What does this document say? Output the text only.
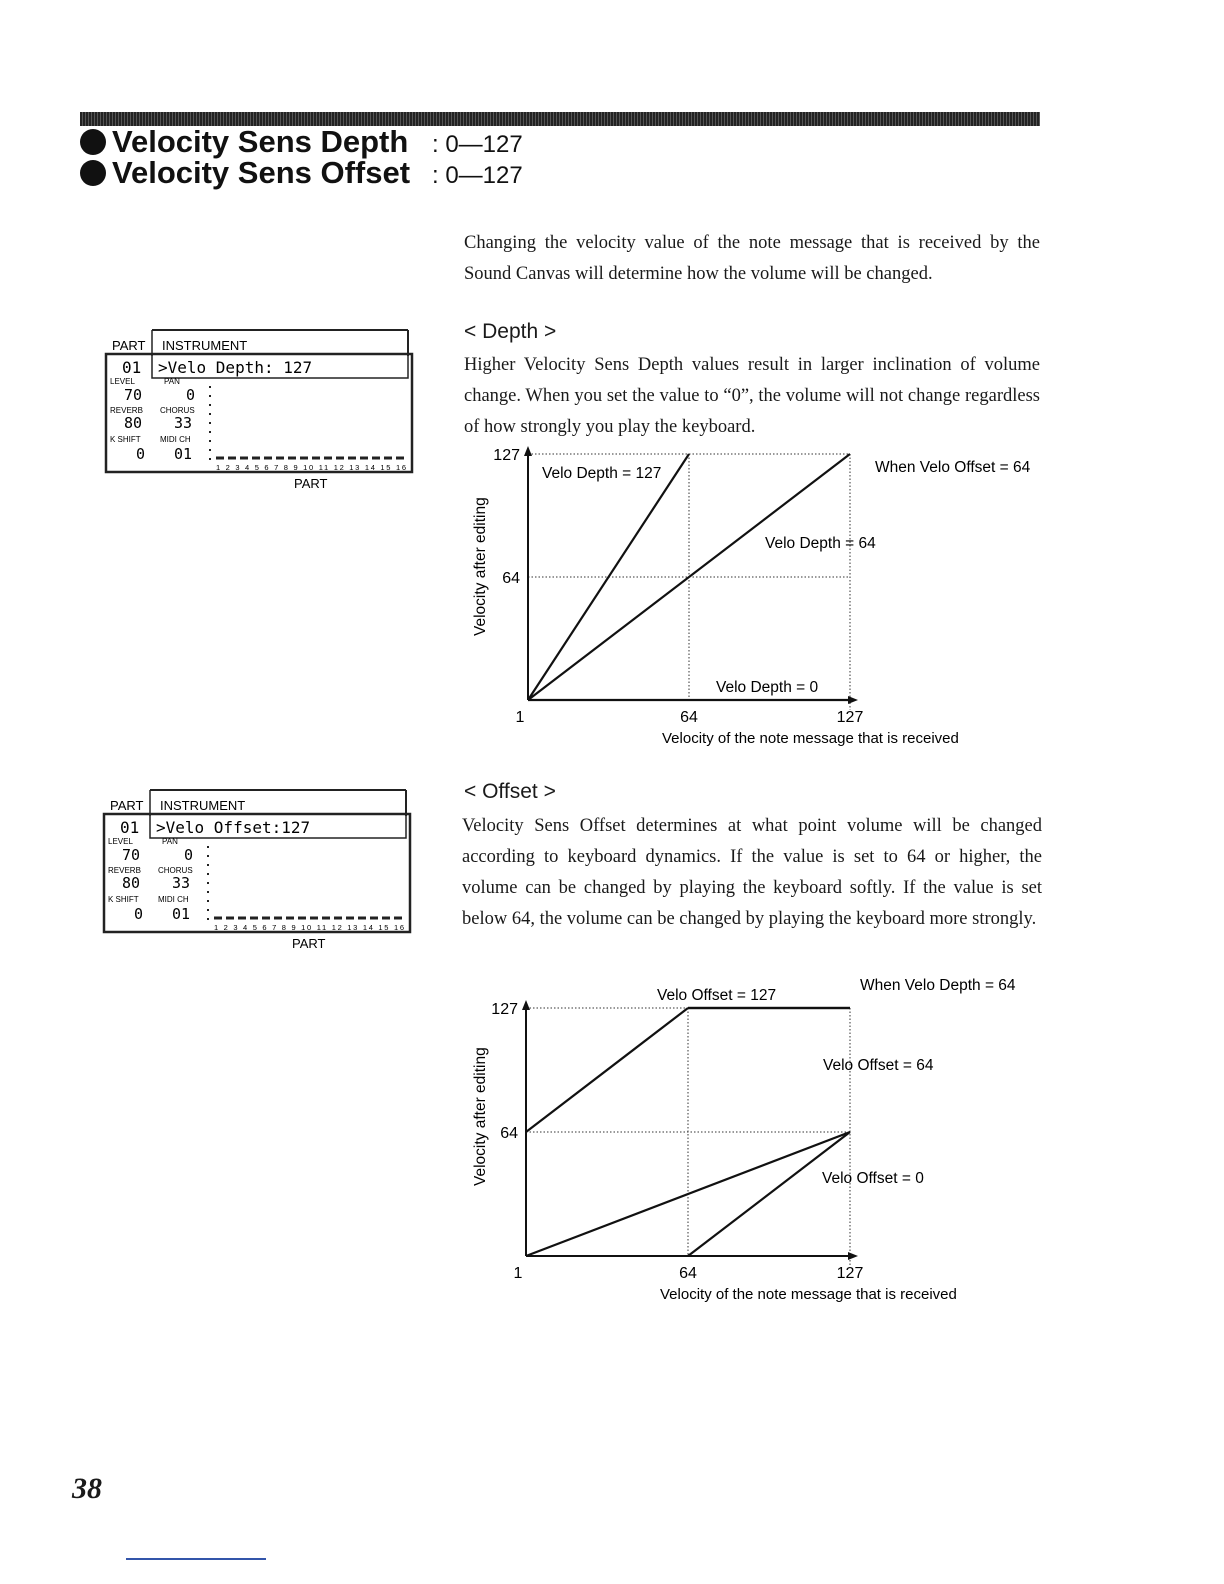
Velocity Sens Depth : 0—127
Velocity Sens Offset : 0—127
Changing the velocity value of the note message that is received by the Sound Canvas will determine how the volume will be changed.
< Depth >
Higher Velocity Sens Depth values result in larger inclination of volume change. When you set the value to “0”, the volume will not change regardless of how strongly you play the keyboard.
< Offset >
Velocity Sens Offset determines at what point volume will be changed according to keyboard dynamics. If the value is set to 64 or higher, the volume can be changed by playing the keyboard softly. If the value is set below 64, the volume can be changed by playing the keyboard more strongly.
PART INSTRUMENT
01 >Velo Depth: 127
LEVEL	PAN
70	0
REVERB CHORUS
80 33
K SHIFT MIDI CH
0 01
1 2 3 4 5 6 7 8 9 10 11 12 13 14 15 16
PART
PART INSTRUMENT
01 >Velo Offset:127
LEVEL	PAN
70	0
REVERB CHORUS
80 33
K SHIFT MIDI CH
0 01
1 2 3 4 5 6 7 8 9 10 11 12 13 14 15 16
PART
When Velo Offset = 64
Velocity after editing
Velocity of the note message that is received
127
64
1	64	127
Velo Depth = 127
Velo Depth = 64
Velo Depth = 0
When Velo Depth = 64
Velocity after editing
Velocity of the note message that is received
127
64
1	64	127
Velo Offset = 127
Velo Offset = 64
Velo Offset = 0
38
